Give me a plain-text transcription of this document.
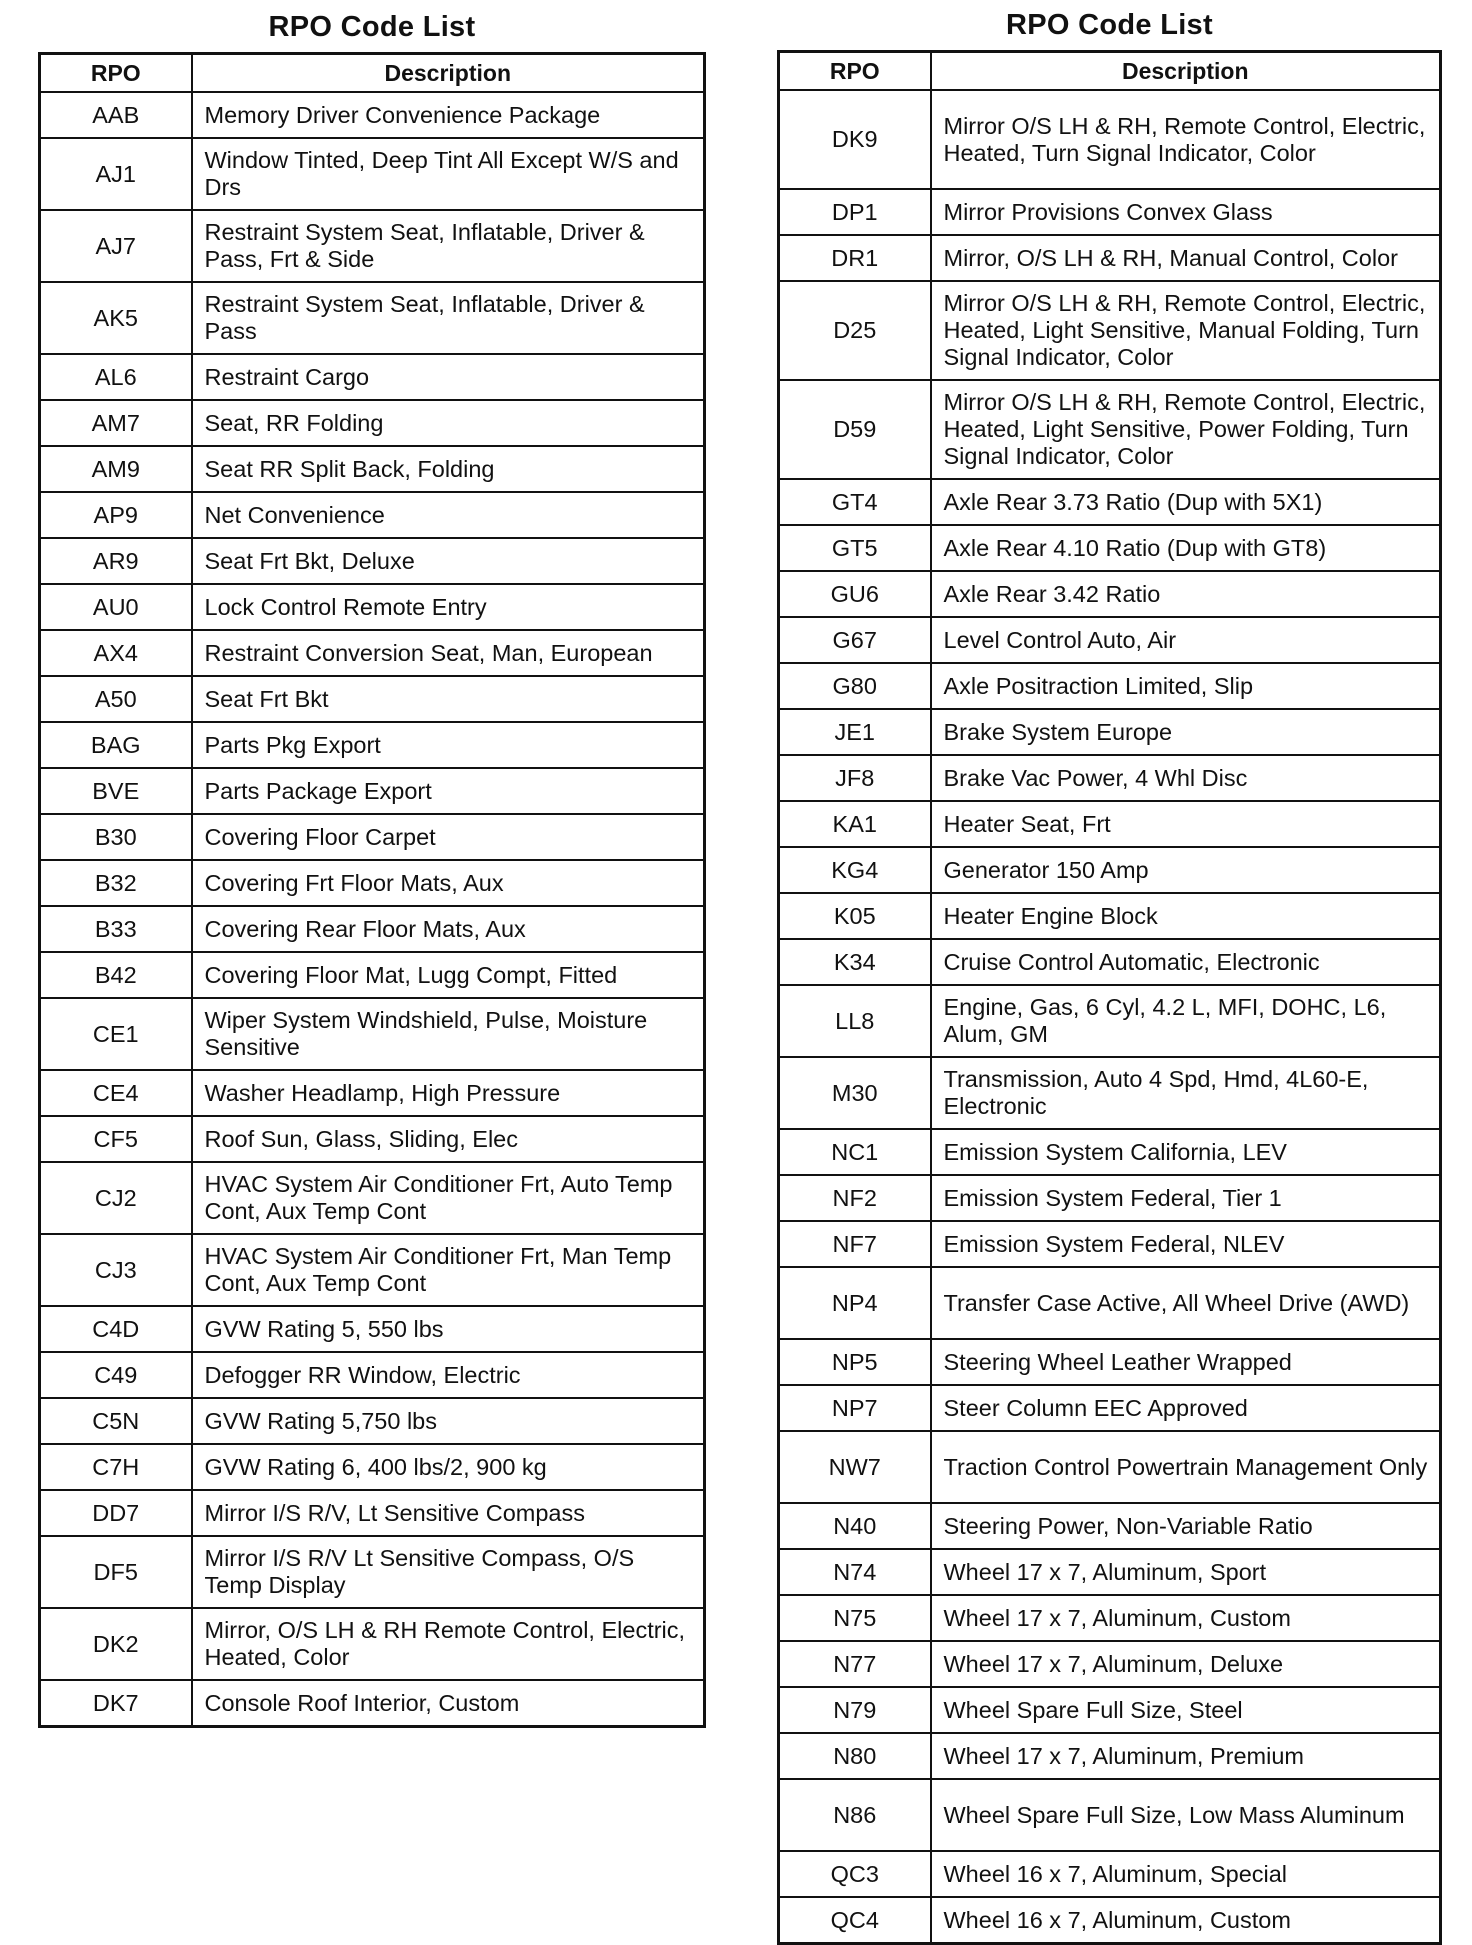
RPO Code List
RPO	Description
AAB	Memory Driver Convenience Package
AJ1	Window Tinted, Deep Tint All Except W/S and Drs
AJ7	Restraint System Seat, Inflatable, Driver & Pass, Frt & Side
AK5	Restraint System Seat, Inflatable, Driver & Pass
AL6	Restraint Cargo
AM7	Seat, RR Folding
AM9	Seat RR Split Back, Folding
AP9	Net Convenience
AR9	Seat Frt Bkt, Deluxe
AU0	Lock Control Remote Entry
AX4	Restraint Conversion Seat, Man, European
A50	Seat Frt Bkt
BAG	Parts Pkg Export
BVE	Parts Package Export
B30	Covering Floor Carpet
B32	Covering Frt Floor Mats, Aux
B33	Covering Rear Floor Mats, Aux
B42	Covering Floor Mat, Lugg Compt, Fitted
CE1	Wiper System Windshield, Pulse, Moisture Sensitive
CE4	Washer Headlamp, High Pressure
CF5	Roof Sun, Glass, Sliding, Elec
CJ2	HVAC System Air Conditioner Frt, Auto Temp Cont, Aux Temp Cont
CJ3	HVAC System Air Conditioner Frt, Man Temp Cont, Aux Temp Cont
C4D	GVW Rating 5, 550 lbs
C49	Defogger RR Window, Electric
C5N	GVW Rating 5,750 lbs
C7H	GVW Rating 6, 400 lbs/2, 900 kg
DD7	Mirror I/S R/V, Lt Sensitive Compass
DF5	Mirror I/S R/V Lt Sensitive Compass, O/S Temp Display
DK2	Mirror, O/S LH & RH Remote Control, Electric, Heated, Color
DK7	Console Roof Interior, Custom
RPO Code List
RPO	Description
DK9	Mirror O/S LH & RH, Remote Control, Electric, Heated, Turn Signal Indicator, Color
DP1	Mirror Provisions Convex Glass
DR1	Mirror, O/S LH & RH, Manual Control, Color
D25	Mirror O/S LH & RH, Remote Control, Electric, Heated, Light Sensitive, Manual Folding, Turn Signal Indicator, Color
D59	Mirror O/S LH & RH, Remote Control, Electric, Heated, Light Sensitive, Power Folding, Turn Signal Indicator, Color
GT4	Axle Rear 3.73 Ratio (Dup with 5X1)
GT5	Axle Rear 4.10 Ratio (Dup with GT8)
GU6	Axle Rear 3.42 Ratio
G67	Level Control Auto, Air
G80	Axle Positraction Limited, Slip
JE1	Brake System Europe
JF8	Brake Vac Power, 4 Whl Disc
KA1	Heater Seat, Frt
KG4	Generator 150 Amp
K05	Heater Engine Block
K34	Cruise Control Automatic, Electronic
LL8	Engine, Gas, 6 Cyl, 4.2 L, MFI, DOHC, L6, Alum, GM
M30	Transmission, Auto 4 Spd, Hmd, 4L60-E, Electronic
NC1	Emission System California, LEV
NF2	Emission System Federal, Tier 1
NF7	Emission System Federal, NLEV
NP4	Transfer Case Active, All Wheel Drive (AWD)
NP5	Steering Wheel Leather Wrapped
NP7	Steer Column EEC Approved
NW7	Traction Control Powertrain Management Only
N40	Steering Power, Non-Variable Ratio
N74	Wheel 17 x 7, Aluminum, Sport
N75	Wheel 17 x 7, Aluminum, Custom
N77	Wheel 17 x 7, Aluminum, Deluxe
N79	Wheel Spare Full Size, Steel
N80	Wheel 17 x 7, Aluminum, Premium
N86	Wheel Spare Full Size, Low Mass Aluminum
QC3	Wheel 16 x 7, Aluminum, Special
QC4	Wheel 16 x 7, Aluminum, Custom
